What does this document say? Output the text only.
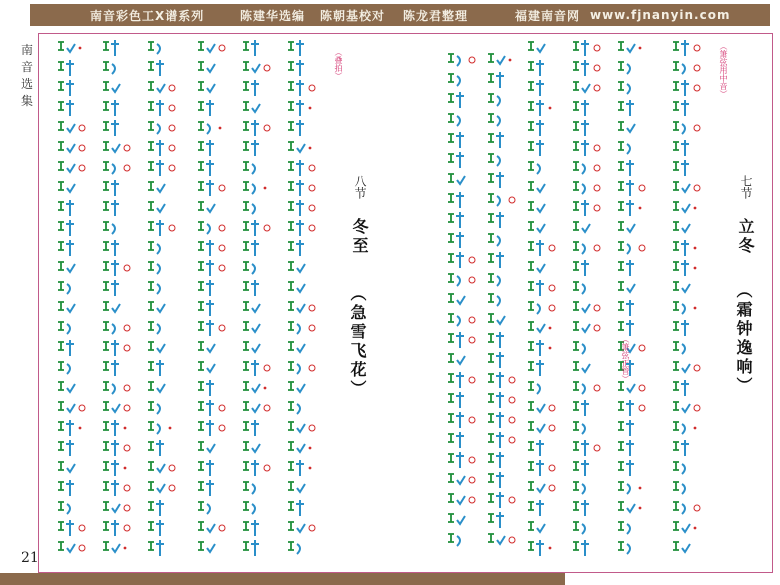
南音彩色工X谱系列	陈建华选编 陈朝基校对 陈龙君整理	福建南音网 www.fjnanyin.com
南音选集
21
七节
立冬
（霜钟逸响）
（箫弦用中音）
（箫弦正管）
八节
冬至
（急雪飞花）
（叠拍）
